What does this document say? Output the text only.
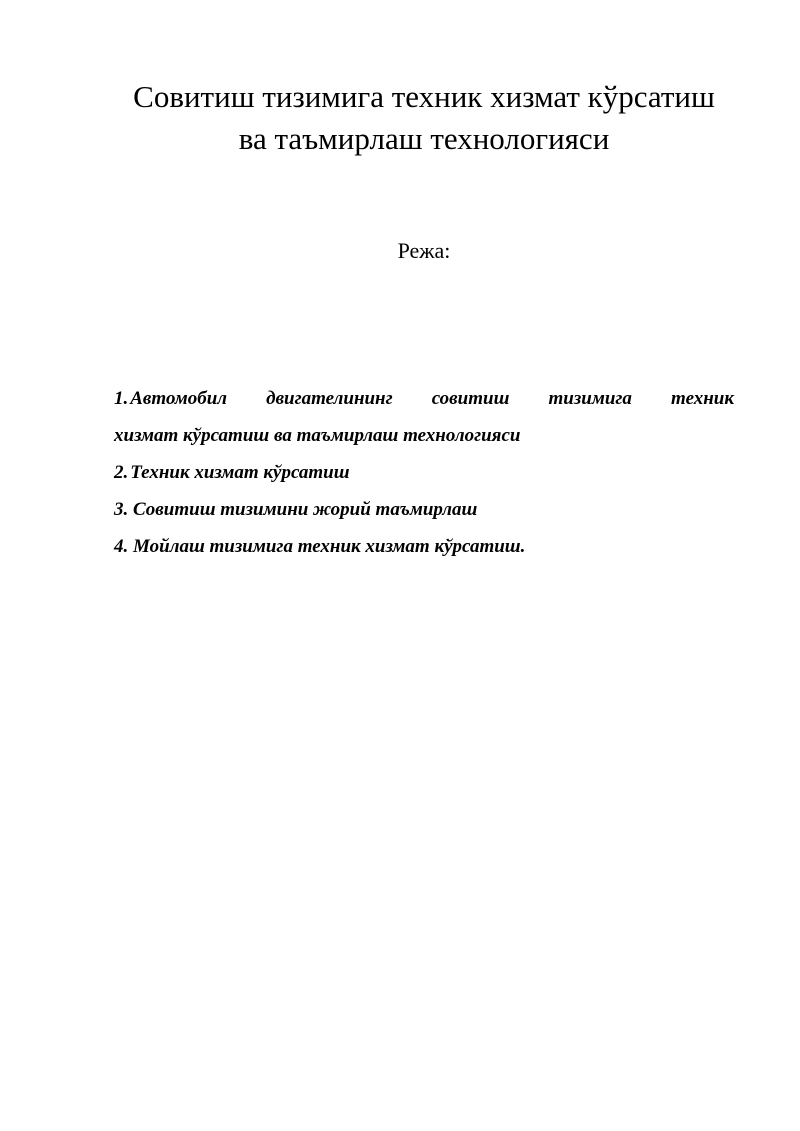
Совитиш тизимига техник хизмат кўрсатиш
ва таъмирлаш технологияси

Режа:

1. Автомобил двигателининг совитиш тизимига техник
хизмат кўрсатиш ва таъмирлаш технологияси
2. Техник хизмат кўрсатиш
3. Совитиш тизимини жорий таъмирлаш
4. Мойлаш тизимига техник хизмат кўрсатиш.
